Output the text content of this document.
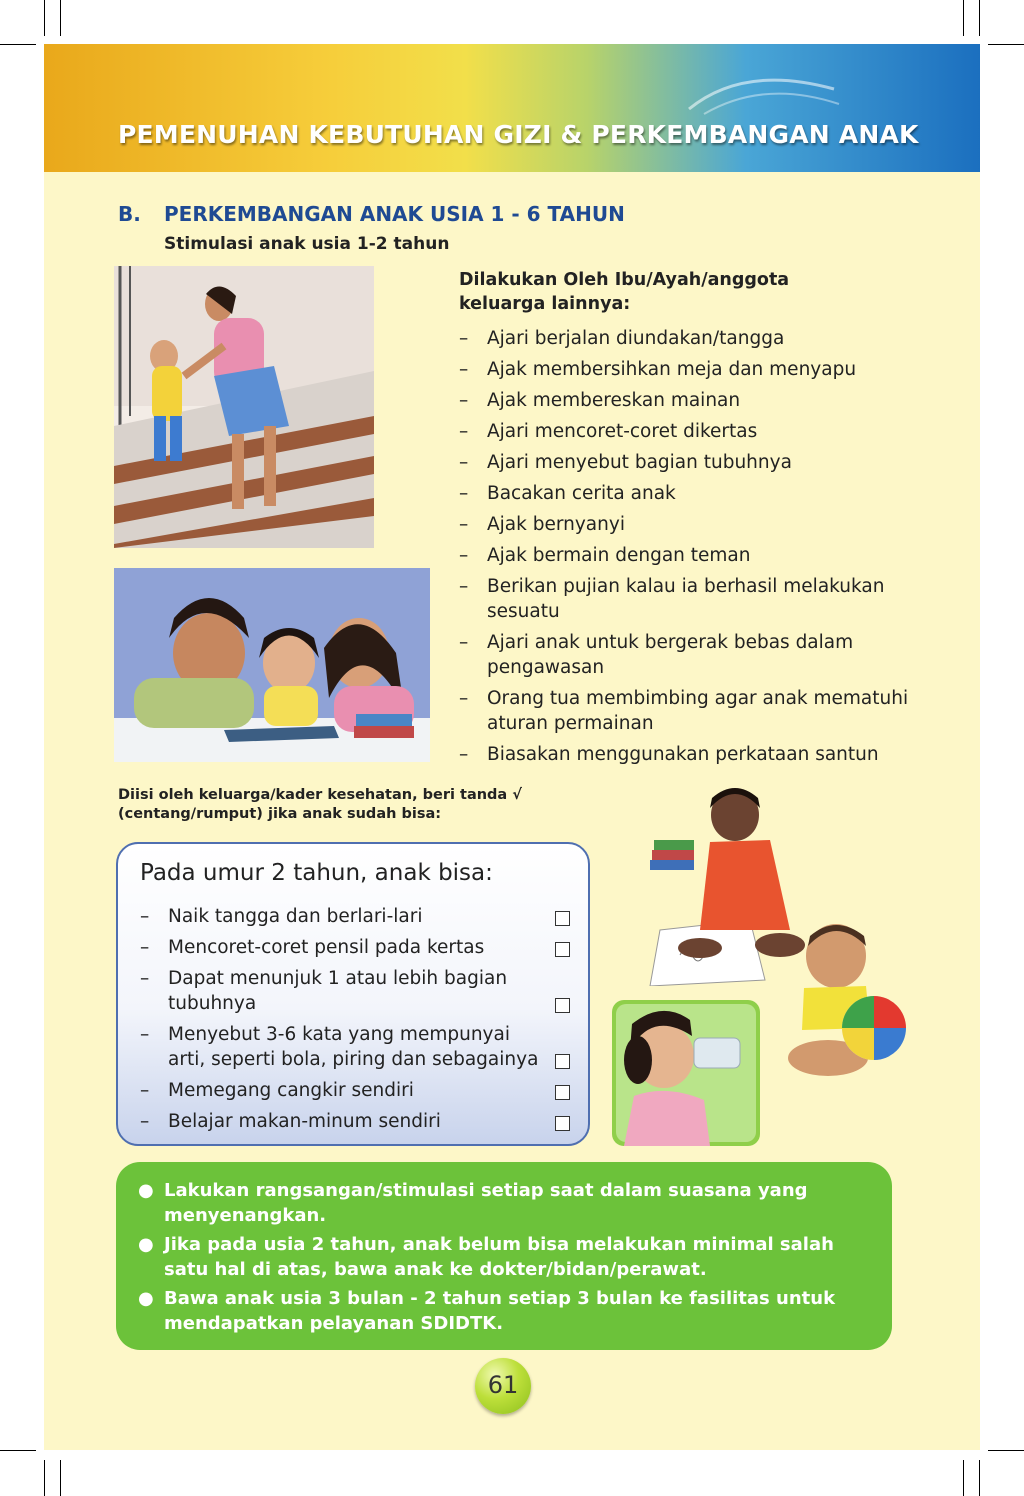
PEMENUHAN KEBUTUHAN GIZI & PERKEMBANGAN ANAK
B. PERKEMBANGAN ANAK USIA 1 - 6 TAHUN
Stimulasi anak usia 1-2 tahun
Dilakukan Oleh Ibu/Ayah/anggota keluarga lainnya:
– Ajari berjalan diundakan/tangga
– Ajak membersihkan meja dan menyapu
– Ajak membereskan mainan
– Ajari mencoret-coret dikertas
– Ajari menyebut bagian tubuhnya
– Bacakan cerita anak
– Ajak bernyanyi
– Ajak bermain dengan teman
– Berikan pujian kalau ia berhasil melakukan sesuatu
– Ajari anak untuk bergerak bebas dalam pengawasan
– Orang tua membimbing agar anak mematuhi aturan permainan
– Biasakan menggunakan perkataan santun
Diisi oleh keluarga/kader kesehatan, beri tanda √ (centang/rumput) jika anak sudah bisa:
Pada umur 2 tahun, anak bisa:
– Naik tangga dan berlari-lari
– Mencoret-coret pensil pada kertas
– Dapat menunjuk 1 atau lebih bagian tubuhnya
– Menyebut 3-6 kata yang mempunyai arti, seperti bola, piring dan sebagainya
– Memegang cangkir sendiri
– Belajar makan-minum sendiri
● Lakukan rangsangan/stimulasi setiap saat dalam suasana yang menyenangkan.
● Jika pada usia 2 tahun, anak belum bisa melakukan minimal salah satu hal di atas, bawa anak ke dokter/bidan/perawat.
● Bawa anak usia 3 bulan - 2 tahun setiap 3 bulan ke fasilitas untuk mendapatkan pelayanan SDIDTK.
61
